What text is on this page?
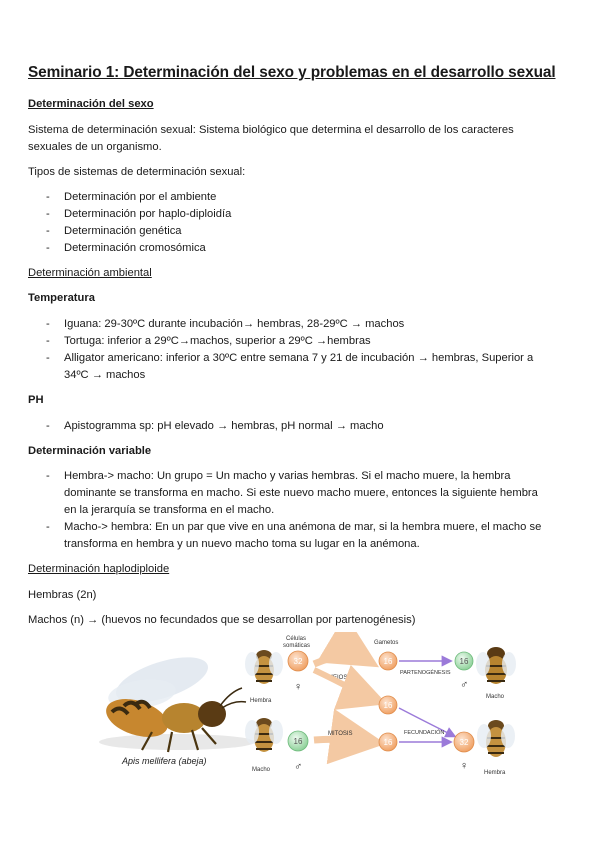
Seminario 1: Determinación del sexo y problemas en el desarrollo sexual
Determinación del sexo
Sistema de determinación sexual: Sistema biológico que determina el desarrollo de los caracteres
sexuales de un organismo.
Tipos de sistemas de determinación sexual:
- Determinación por el ambiente
- Determinación por haplo-diploidía
- Determinación genética
- Determinación cromosómica
Determinación ambiental
Temperatura
- Iguana: 29-30ºC durante incubación→ hembras, 28-29ºC → machos
- Tortuga: inferior a 29ºC→machos, superior a 29ºC →hembras
- Alligator americano: inferior a 30ºC entre semana 7 y 21 de incubación → hembras, Superior a
34ºC → machos
PH
- Apistogramma sp: pH elevado → hembras, pH normal → macho
Determinación variable
- Hembra-> macho: Un grupo = Un macho y varias hembras. Si el macho muere, la hembra
dominante se transforma en macho. Si este nuevo macho muere, entonces la siguiente hembra
en la jerarquía se transforma en el macho.
- Macho-> hembra: En un par que vive en una anémona de mar, si la hembra muere, el macho se
transforma en hembra y un nuevo macho toma su lugar en la anémona.
Determinación haplodiploide
Hembras (2n)
Machos (n) → (huevos no fecundados que se desarrollan por partenogénesis)
Apis mellifera (abeja)
Hembra
Células
somáticas
32
♀
MEIOSIS
Gametos
16
PARTENOGÉNESIS
16
♂
Macho
16
Macho
16
♂
MITOSIS
16
FECUNDACIÓN
32
♀
Hembra
